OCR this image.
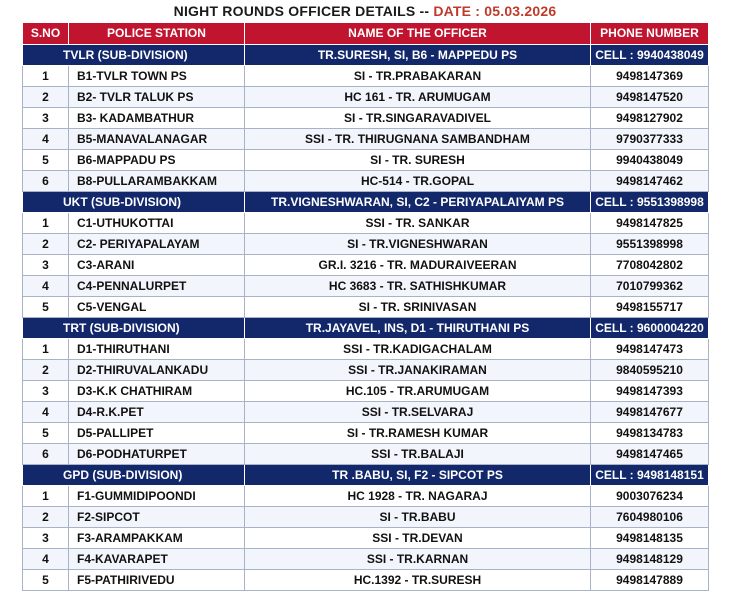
NIGHT ROUNDS OFFICER DETAILS -- DATE : 05.03.2026
S.NO	POLICE STATION	NAME OF THE OFFICER	PHONE NUMBER
TVLR (SUB-DIVISION)		TR.SURESH, SI, B6 - MAPPEDU PS	CELL : 9940438049
1	B1-TVLR TOWN PS	SI - TR.PRABAKARAN	9498147369
2	B2- TVLR TALUK PS	HC 161 - TR. ARUMUGAM	9498147520
3	B3- KADAMBATHUR	SI - TR.SINGARAVADIVEL	9498127902
4	B5-MANAVALANAGAR	SSI - TR. THIRUGNANA SAMBANDHAM	9790377333
5	B6-MAPPADU PS	SI - TR. SURESH	9940438049
6	B8-PULLARAMBAKKAM	HC-514 - TR.GOPAL	9498147462
UKT (SUB-DIVISION)		TR.VIGNESHWARAN, SI, C2 - PERIYAPALAIYAM PS	CELL : 9551398998
1	C1-UTHUKOTTAI	SSI - TR. SANKAR	9498147825
2	C2- PERIYAPALAYAM	SI - TR.VIGNESHWARAN	9551398998
3	C3-ARANI	GR.I. 3216 - TR. MADURAIVEERAN	7708042802
4	C4-PENNALURPET	HC 3683 - TR. SATHISHKUMAR	7010799362
5	C5-VENGAL	SI - TR. SRINIVASAN	9498155717
TRT (SUB-DIVISION)		TR.JAYAVEL, INS, D1 - THIRUTHANI PS	CELL : 9600004220
1	D1-THIRUTHANI	SSI - TR.KADIGACHALAM	9498147473
2	D2-THIRUVALANKADU	SSI - TR.JANAKIRAMAN	9840595210
3	D3-K.K CHATHIRAM	HC.105 - TR.ARUMUGAM	9498147393
4	D4-R.K.PET	SSI - TR.SELVARAJ	9498147677
5	D5-PALLIPET	SI - TR.RAMESH KUMAR	9498134783
6	D6-PODHATURPET	SSI - TR.BALAJI	9498147465
GPD (SUB-DIVISION)		TR .BABU, SI, F2 - SIPCOT PS	CELL : 9498148151
1	F1-GUMMIDIPOONDI	HC 1928 - TR. NAGARAJ	9003076234
2	F2-SIPCOT	SI - TR.BABU	7604980106
3	F3-ARAMPAKKAM	SSI - TR.DEVAN	9498148135
4	F4-KAVARAPET	SSI - TR.KARNAN	9498148129
5	F5-PATHIRIVEDU	HC.1392 - TR.SURESH	9498147889
